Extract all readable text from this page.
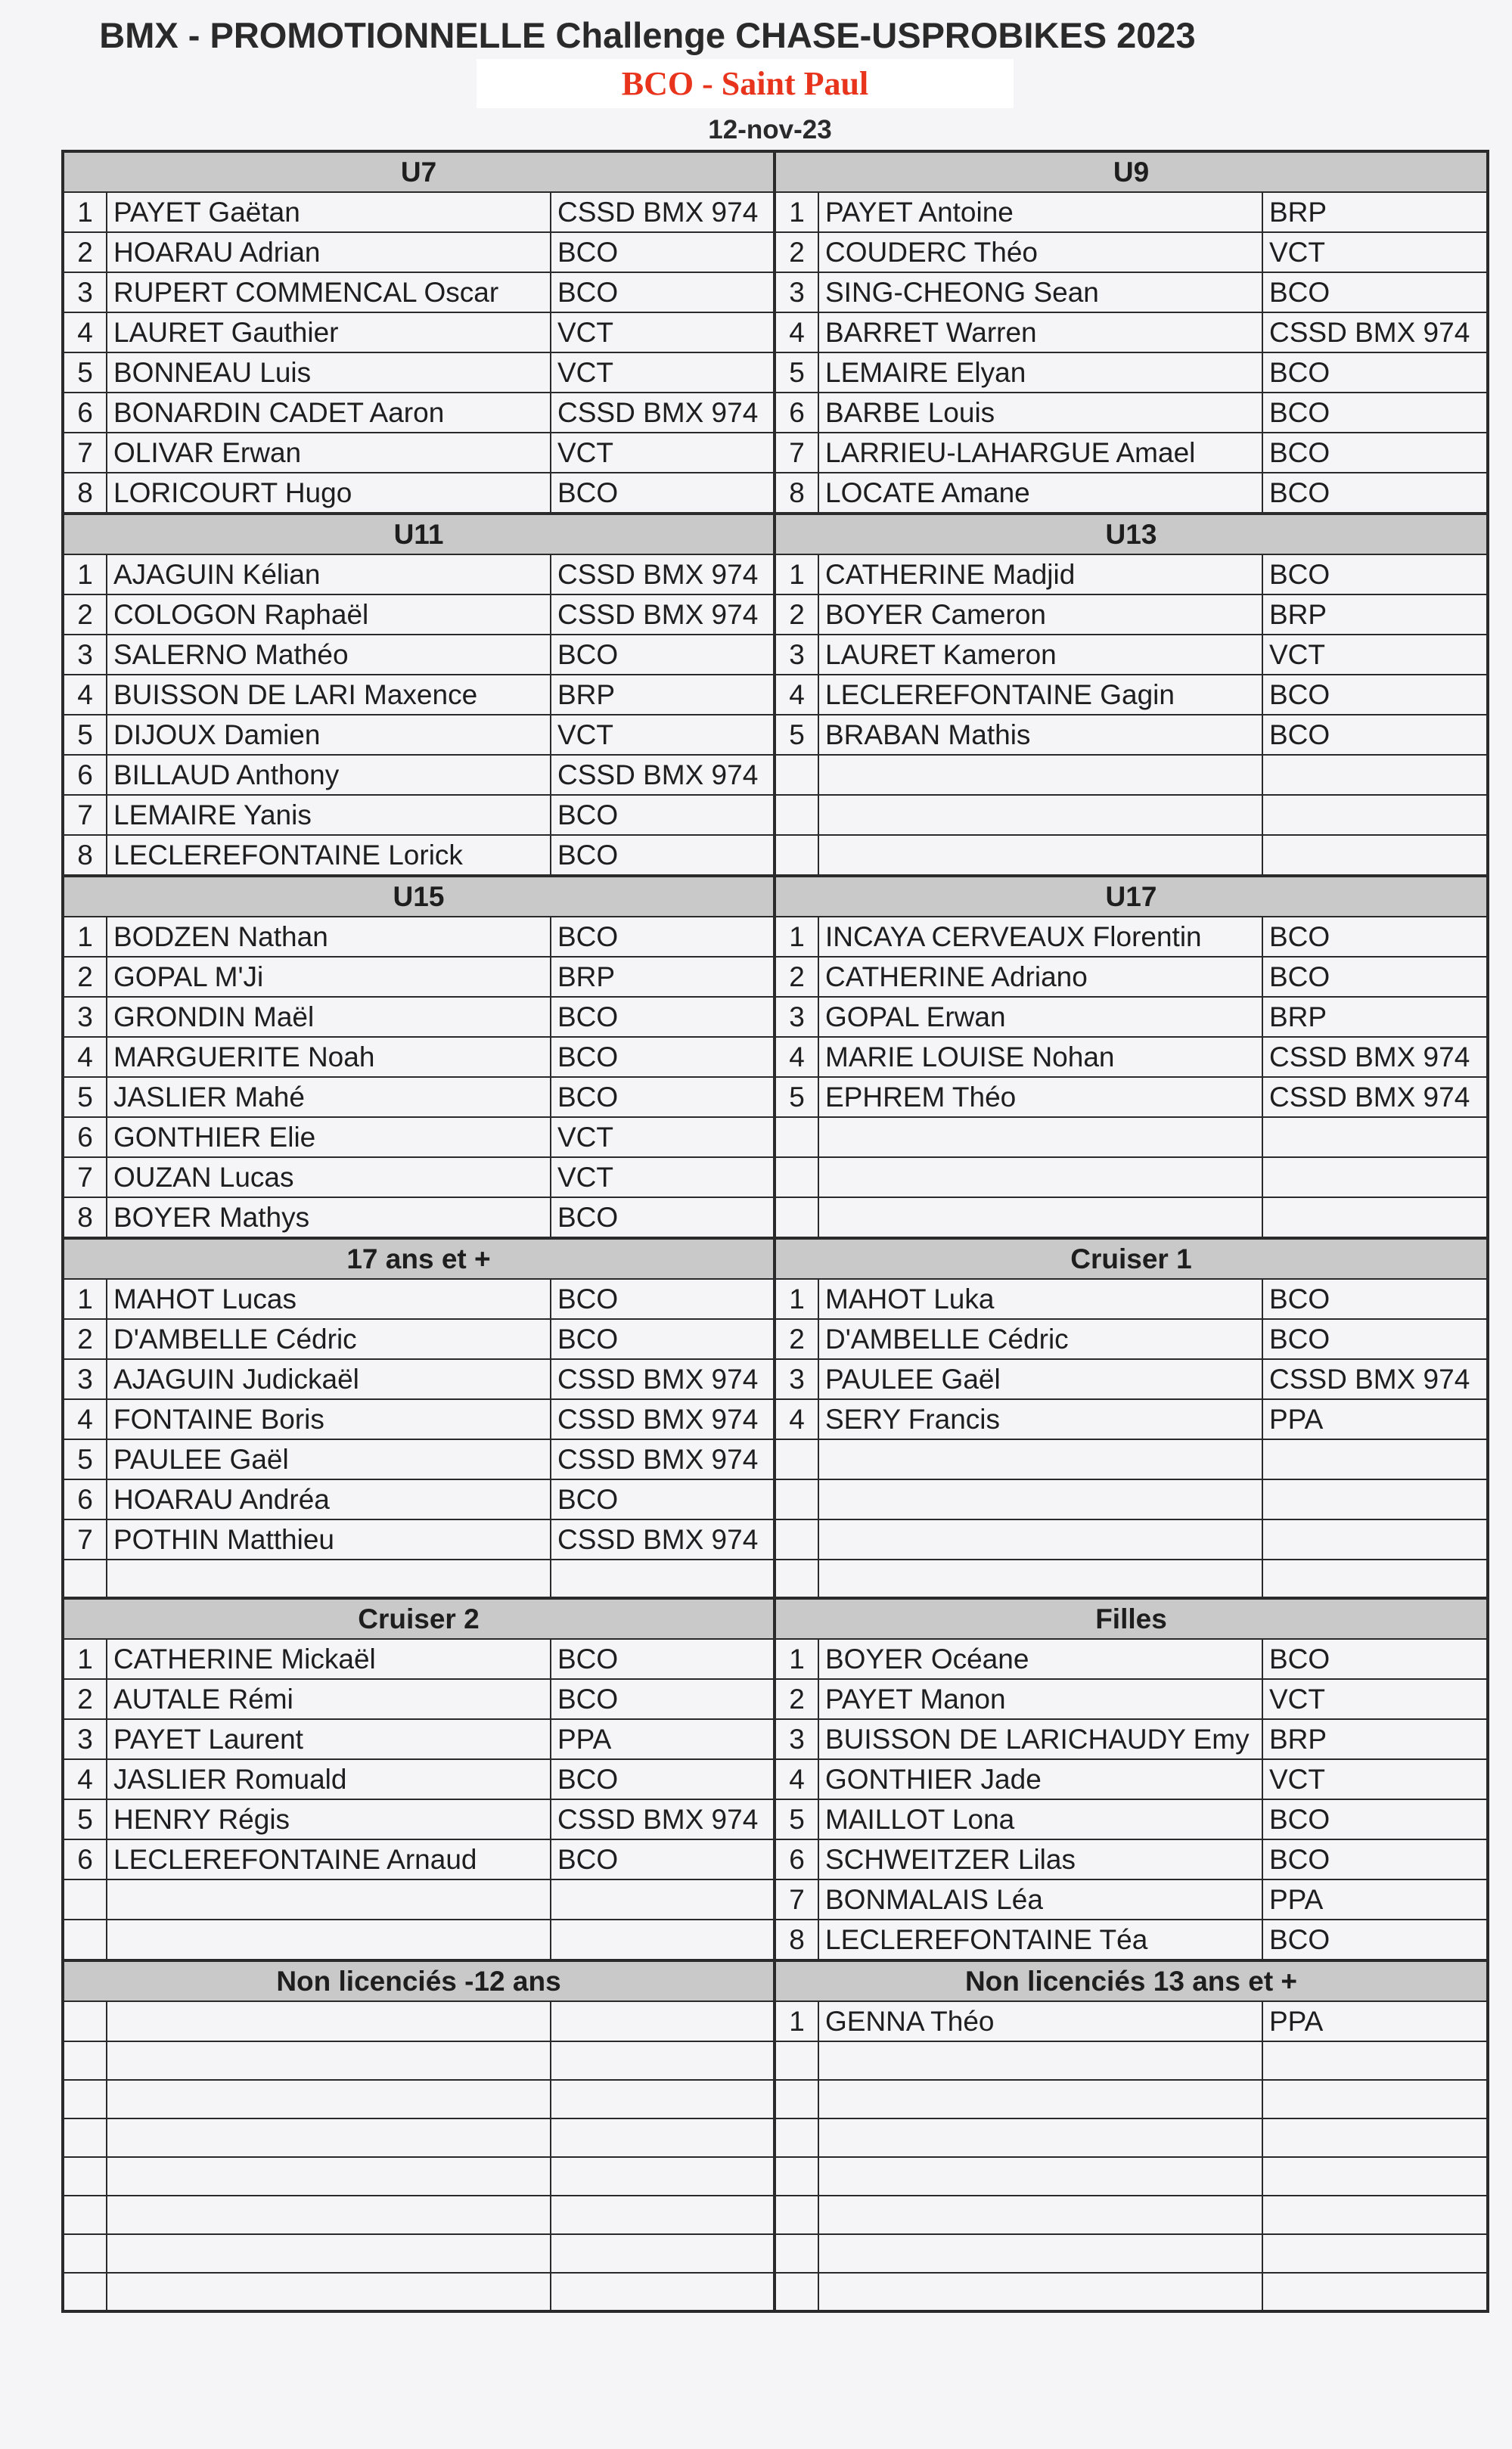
BMX - PROMOTIONNELLE Challenge CHASE-USPROBIKES 2023
BCO - Saint Paul
12-nov-23
U7			U9		
1	PAYET Gaëtan	CSSD BMX 974	1	PAYET Antoine	BRP
2	HOARAU Adrian	BCO	2	COUDERC Théo	VCT
3	RUPERT COMMENCAL Oscar	BCO	3	SING-CHEONG Sean	BCO
4	LAURET Gauthier	VCT	4	BARRET Warren	CSSD BMX 974
5	BONNEAU Luis	VCT	5	LEMAIRE Elyan	BCO
6	BONARDIN CADET Aaron	CSSD BMX 974	6	BARBE Louis	BCO
7	OLIVAR Erwan	VCT	7	LARRIEU-LAHARGUE Amael	BCO
8	LORICOURT Hugo	BCO	8	LOCATE Amane	BCO
U11			U13		
1	AJAGUIN Kélian	CSSD BMX 974	1	CATHERINE Madjid	BCO
2	COLOGON Raphaël	CSSD BMX 974	2	BOYER Cameron	BRP
3	SALERNO Mathéo	BCO	3	LAURET Kameron	VCT
4	BUISSON DE LARI Maxence	BRP	4	LECLEREFONTAINE Gagin	BCO
5	DIJOUX Damien	VCT	5	BRABAN Mathis	BCO
6	BILLAUD Anthony	CSSD BMX 974			
7	LEMAIRE Yanis	BCO			
8	LECLEREFONTAINE Lorick	BCO			
U15			U17		
1	BODZEN Nathan	BCO	1	INCAYA CERVEAUX Florentin	BCO
2	GOPAL M'Ji	BRP	2	CATHERINE Adriano	BCO
3	GRONDIN Maël	BCO	3	GOPAL Erwan	BRP
4	MARGUERITE Noah	BCO	4	MARIE LOUISE Nohan	CSSD BMX 974
5	JASLIER Mahé	BCO	5	EPHREM Théo	CSSD BMX 974
6	GONTHIER Elie	VCT			
7	OUZAN Lucas	VCT			
8	BOYER Mathys	BCO			
17 ans et +			Cruiser 1		
1	MAHOT Lucas	BCO	1	MAHOT Luka	BCO
2	D'AMBELLE Cédric	BCO	2	D'AMBELLE Cédric	BCO
3	AJAGUIN Judickaël	CSSD BMX 974	3	PAULEE Gaël	CSSD BMX 974
4	FONTAINE Boris	CSSD BMX 974	4	SERY Francis	PPA
5	PAULEE Gaël	CSSD BMX 974			
6	HOARAU Andréa	BCO			
7	POTHIN Matthieu	CSSD BMX 974			

Cruiser 2			Filles		
1	CATHERINE Mickaël	BCO	1	BOYER Océane	BCO
2	AUTALE Rémi	BCO	2	PAYET Manon	VCT
3	PAYET Laurent	PPA	3	BUISSON DE LARICHAUDY Emy	BRP
4	JASLIER Romuald	BCO	4	GONTHIER Jade	VCT
5	HENRY Régis	CSSD BMX 974	5	MAILLOT Lona	BCO
6	LECLEREFONTAINE Arnaud	BCO	6	SCHWEITZER Lilas	BCO
			7	BONMALAIS Léa	PPA
			8	LECLEREFONTAINE Téa	BCO
Non licenciés -12 ans			Non licenciés 13 ans et +		
			1	GENNA Théo	PPA
